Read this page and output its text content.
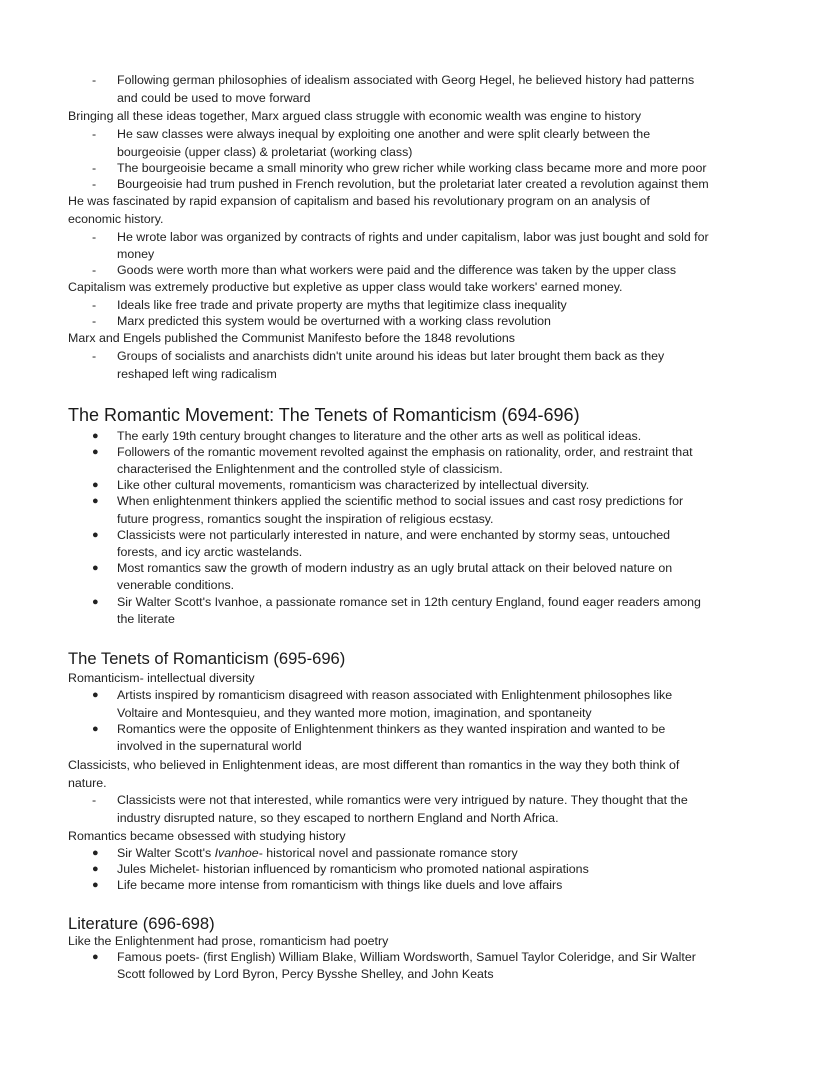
- Following german philosophies of idealism associated with Georg Hegel, he believed history had patterns
and could be used to move forward
Bringing all these ideas together, Marx argued class struggle with economic wealth was engine to history
- He saw classes were always inequal by exploiting one another and were split clearly between the
bourgeoisie (upper class) & proletariat (working class)
- The bourgeoisie became a small minority who grew richer while working class became more and more poor
- Bourgeoisie had trum pushed in French revolution, but the proletariat later created a revolution against them
He was fascinated by rapid expansion of capitalism and based his revolutionary program on an analysis of
economic history.
- He wrote labor was organized by contracts of rights and under capitalism, labor was just bought and sold for
money
- Goods were worth more than what workers were paid and the difference was taken by the upper class
Capitalism was extremely productive but expletive as upper class would take workers' earned money.
- Ideals like free trade and private property are myths that legitimize class inequality
- Marx predicted this system would be overturned with a working class revolution
Marx and Engels published the Communist Manifesto before the 1848 revolutions
- Groups of socialists and anarchists didn't unite around his ideas but later brought them back as they
reshaped left wing radicalism
The Romantic Movement: The Tenets of Romanticism (694-696)
● The early 19th century brought changes to literature and the other arts as well as political ideas.
● Followers of the romantic movement revolted against the emphasis on rationality, order, and restraint that
characterised the Enlightenment and the controlled style of classicism.
● Like other cultural movements, romanticism was characterized by intellectual diversity.
● When enlightenment thinkers applied the scientific method to social issues and cast rosy predictions for
future progress, romantics sought the inspiration of religious ecstasy.
● Classicists were not particularly interested in nature, and were enchanted by stormy seas, untouched
forests, and icy arctic wastelands.
● Most romantics saw the growth of modern industry as an ugly brutal attack on their beloved nature on
venerable conditions.
● Sir Walter Scott's Ivanhoe, a passionate romance set in 12th century England, found eager readers among
the literate
The Tenets of Romanticism (695-696)
Romanticism- intellectual diversity
● Artists inspired by romanticism disagreed with reason associated with Enlightenment philosophes like
Voltaire and Montesquieu, and they wanted more motion, imagination, and spontaneity
● Romantics were the opposite of Enlightenment thinkers as they wanted inspiration and wanted to be
involved in the supernatural world
Classicists, who believed in Enlightenment ideas, are most different than romantics in the way they both think of
nature.
- Classicists were not that interested, while romantics were very intrigued by nature. They thought that the
industry disrupted nature, so they escaped to northern England and North Africa.
Romantics became obsessed with studying history
● Sir Walter Scott's Ivanhoe- historical novel and passionate romance story
● Jules Michelet- historian influenced by romanticism who promoted national aspirations
● Life became more intense from romanticism with things like duels and love affairs
Literature (696-698)
Like the Enlightenment had prose, romanticism had poetry
● Famous poets- (first English) William Blake, William Wordsworth, Samuel Taylor Coleridge, and Sir Walter
Scott followed by Lord Byron, Percy Bysshe Shelley, and John Keats
